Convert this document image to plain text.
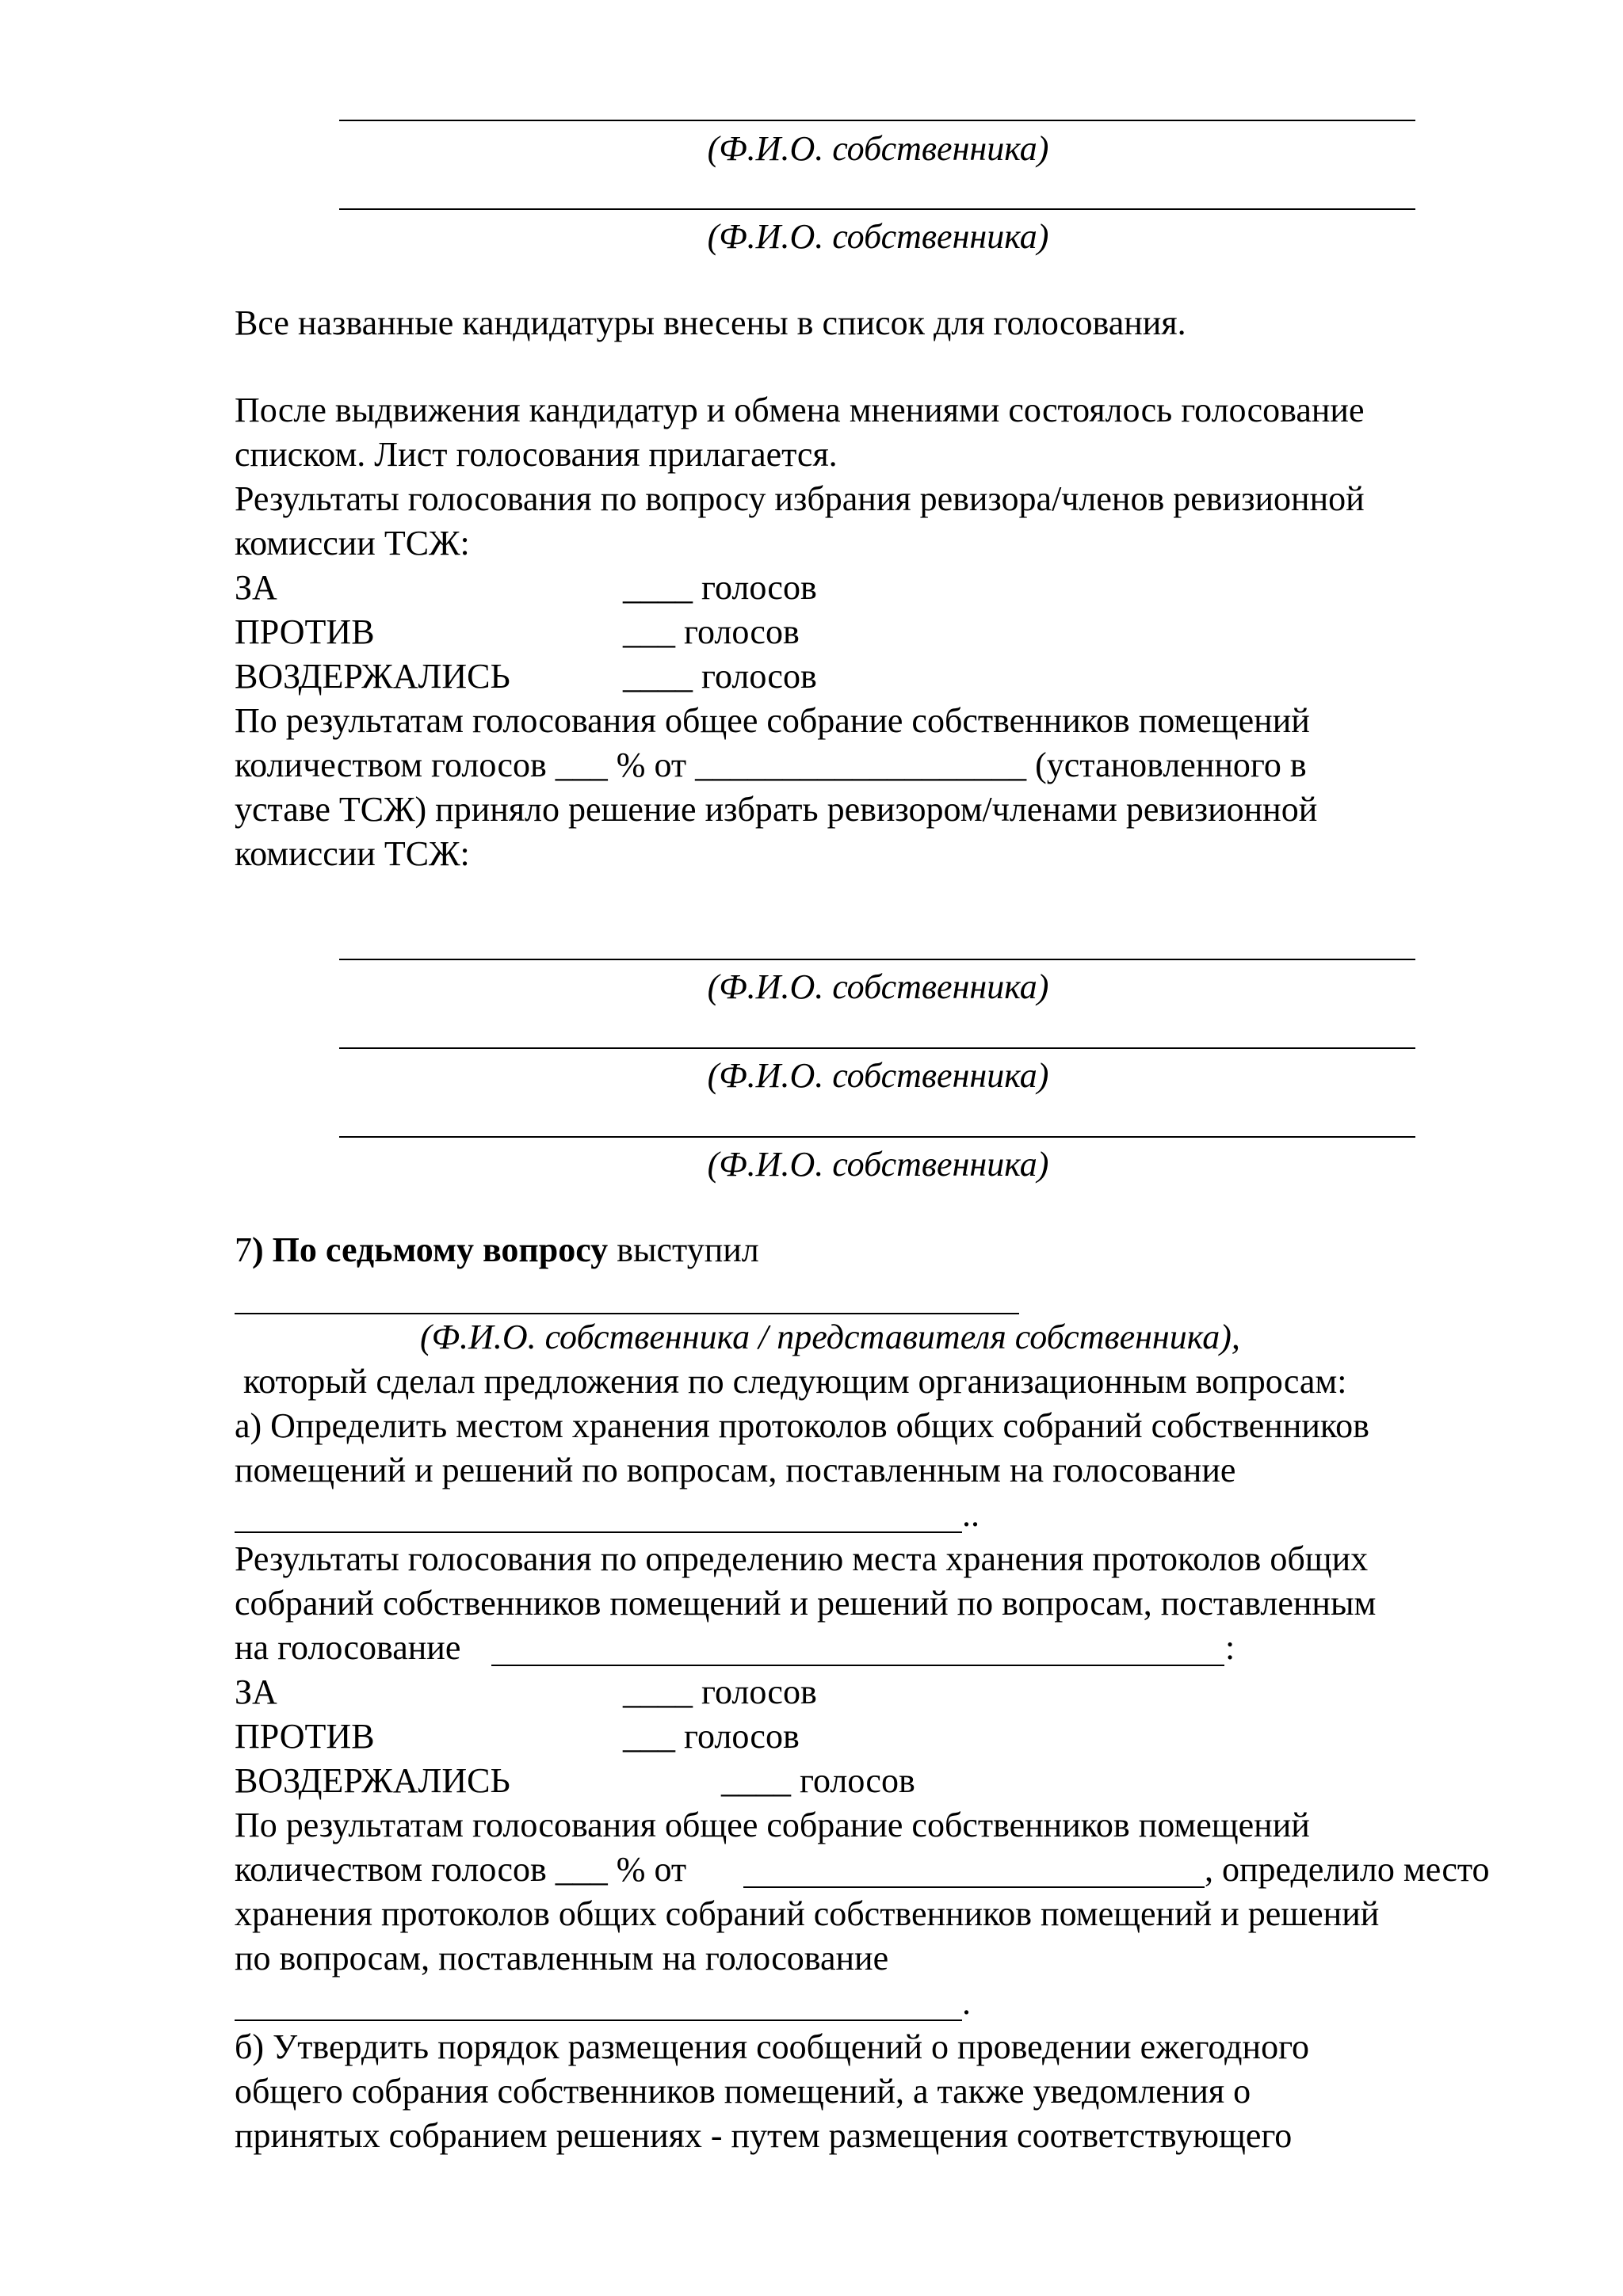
(Ф.И.О. собственника)
(Ф.И.О. собственника)
Все названные кандидатуры внесены в список для голосования.
После выдвижения кандидатур и обмена мнениями состоялось голосование
списком. Лист голосования прилагается.
Результаты голосования по вопросу избрания ревизора/членов ревизионной
комиссии ТСЖ:
ЗА	____ голосов
ПРОТИВ	___ голосов
ВОЗДЕРЖАЛИСЬ	____ голосов
По результатам голосования общее собрание собственников помещений
количеством голосов ___ % от ___________________ (установленного в
уставе ТСЖ) приняло решение избрать ревизором/членами ревизионной
комиссии ТСЖ:
(Ф.И.О. собственника)
(Ф.И.О. собственника)
(Ф.И.О. собственника)
7) По седьмому вопросу выступил
(Ф.И.О. собственника / представителя собственника),
который сделал предложения по следующим организационным вопросам:
а) Определить местом хранения протоколов общих собраний собственников
помещений и решений по вопросам, поставленным на голосование
..
Результаты голосования по определению места хранения протоколов общих
собраний собственников помещений и решений по вопросам, поставленным
на голосование	:
ЗА	____ голосов
ПРОТИВ	___ голосов
ВОЗДЕРЖАЛИСЬ	____ голосов
По результатам голосования общее собрание собственников помещений
количеством голосов ___ % от	, определило место
хранения протоколов общих собраний собственников помещений и решений
по вопросам, поставленным на голосование
.
б) Утвердить порядок размещения сообщений о проведении ежегодного
общего собрания собственников помещений, а также уведомления о
принятых собранием решениях - путем размещения соответствующего
